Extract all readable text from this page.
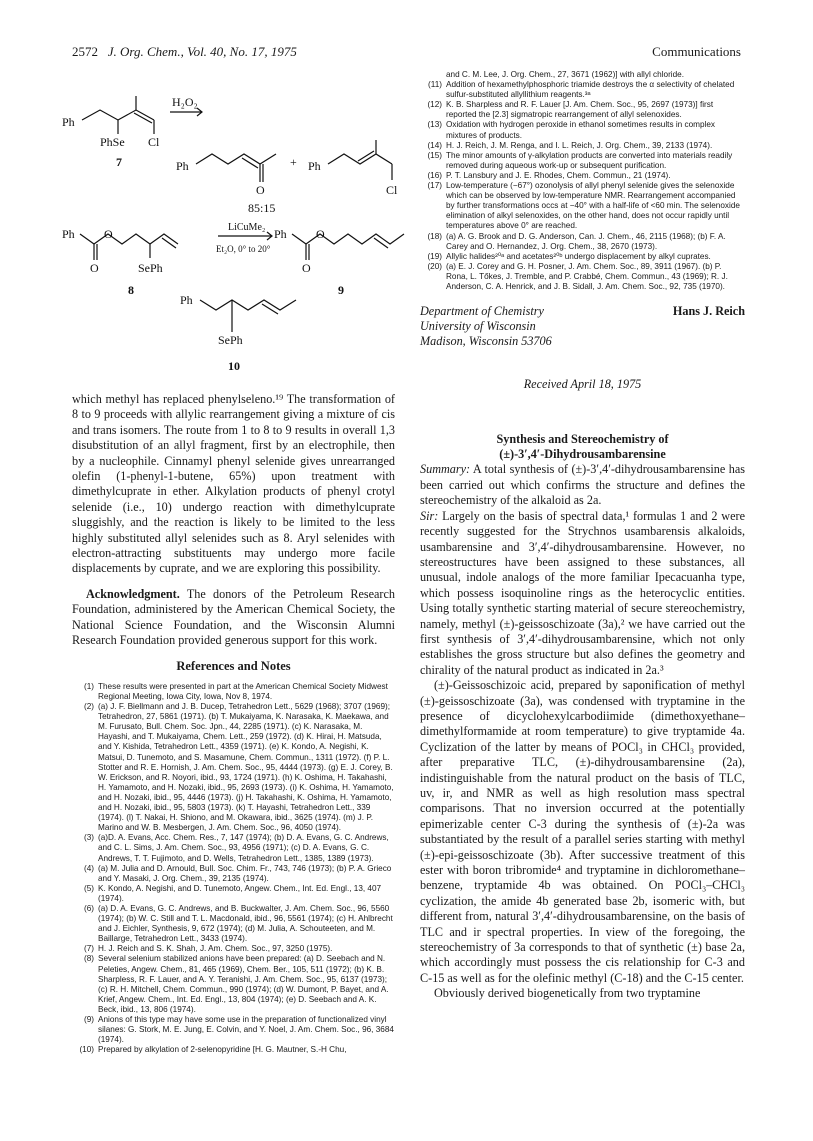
2572 J. Org. Chem., Vol. 40, No. 17, 1975	Communications
Ph
PhSe Cl
7
H₂O₂
Ph
O
+ Ph
Cl
85:15
Ph
O
O
SePh
8
LiCuMe₂
Et₂O, 0° to 20°
Ph
O
O
9
Ph
SePh
10

which methyl has replaced phenylseleno.¹⁹ The transformation of 8 to 9 proceeds with allylic rearrangement giving a mixture of cis and trans isomers. The route from 1 to 8 to 9 results in overall 1,3 disubstitution of an allyl fragment, first by an electrophile, then by a nucleophile. Cinnamyl phenyl selenide gives unrearranged olefin (1-phenyl-1-butene, 65%) upon treatment with dimethylcuprate in ether. Alkylation products of phenyl crotyl selenide (i.e., 10) undergo reaction with dimethylcuprate sluggishly, and the reaction is likely to be limited to the less highly substituted allyl selenides such as 8. Aryl selenides with electron-attracting substituents may undergo more facile displacements by cuprate, and we are exploring this possibility.

Acknowledgment. The donors of the Petroleum Research Foundation, administered by the American Chemical Society, the National Science Foundation, and the Wisconsin Alumni Research Foundation provided generous support for this work.

References and Notes
(1) These results were presented in part at the American Chemical Society Midwest Regional Meeting, Iowa City, Iowa, Nov 8, 1974.
(2) (a) J. F. Biellmann and J. B. Ducep, Tetrahedron Lett., 5629 (1968); 3707 (1969); Tetrahedron, 27, 5861 (1971). (b) T. Mukaiyama, K. Narasaka, K. Maekawa, and M. Furusato, Bull. Chem. Soc. Jpn., 44, 2285 (1971). (c) K. Narasaka, M. Hayashi, and T. Mukaiyama, Chem. Lett., 259 (1972). (d) K. Hirai, H. Matsuda, and Y. Kishida, Tetrahedron Lett., 4359 (1971). (e) K. Kondo, A. Negishi, K. Matsui, D. Tunemoto, and S. Masamune, Chem. Commun., 1311 (1972). (f) P. L. Stotter and R. E. Hornish, J. Am. Chem. Soc., 95, 4444 (1973). (g) E. J. Corey, B. W. Erickson, and R. Noyori, ibid., 93, 1724 (1971). (h) K. Oshima, H. Takahashi, H. Yamamoto, and H. Nozaki, ibid., 95, 2693 (1973). (i) K. Oshima, H. Yamamoto, and H. Nozaki, ibid., 95, 4446 (1973). (j) H. Takahashi, K. Oshima, H. Yamamoto, and H. Nozaki, ibid., 95, 5803 (1973). (k) T. Hayashi, Tetrahedron Lett., 339 (1974). (l) T. Nakai, H. Shiono, and M. Okawara, ibid., 3625 (1974). (m) J. P. Marino and W. B. Mesbergen, J. Am. Chem. Soc., 96, 4050 (1974).
(3) (a)D. A. Evans, Acc. Chem. Res., 7, 147 (1974); (b) D. A. Evans, G. C. Andrews, and C. L. Sims, J. Am. Chem. Soc., 93, 4956 (1971); (c) D. A. Evans, G. C. Andrews, T. T. Fujimoto, and D. Wells, Tetrahedron Lett., 1385, 1389 (1973).
(4) (a) M. Julia and D. Arnould, Bull. Soc. Chim. Fr., 743, 746 (1973); (b) P. A. Grieco and Y. Masaki, J. Org. Chem., 39, 2135 (1974).
(5) K. Kondo, A. Negishi, and D. Tunemoto, Angew. Chem., Int. Ed. Engl., 13, 407 (1974).
(6) (a) D. A. Evans, G. C. Andrews, and B. Buckwalter, J. Am. Chem. Soc., 96, 5560 (1974); (b) W. C. Still and T. L. Macdonald, ibid., 96, 5561 (1974); (c) H. Ahlbrecht and J. Eichler, Synthesis, 9, 672 (1974); (d) M. Julia, A. Schouteeten, and M. Baillarge, Tetrahedron Lett., 3433 (1974).
(7) H. J. Reich and S. K. Shah, J. Am. Chem. Soc., 97, 3250 (1975).
(8) Several selenium stabilized anions have been prepared: (a) D. Seebach and N. Peleties, Angew. Chem., 81, 465 (1969), Chem. Ber., 105, 511 (1972); (b) K. B. Sharpless, R. F. Lauer, and A. Y. Teranishi, J. Am. Chem. Soc., 95, 6137 (1973); (c) R. H. Mitchell, Chem. Commun., 990 (1974); (d) W. Dumont, P. Bayet, and A. Krief, Angew. Chem., Int. Ed. Engl., 13, 804 (1974); (e) D. Seebach and A. K. Beck, ibid., 13, 806 (1974).
(9) Anions of this type may have some use in the preparation of functionalized vinyl silanes: G. Stork, M. E. Jung, E. Colvin, and Y. Noel, J. Am. Chem. Soc., 96, 3684 (1974).
(10) Prepared by alkylation of 2-selenopyridine [H. G. Mautner, S.-H Chu,
and C. M. Lee, J. Org. Chem., 27, 3671 (1962)] with allyl chloride.
(11) Addition of hexamethylphosphoric triamide destroys the α selectivity of chelated sulfur-substituted allyllithium reagents.³ᵃ
(12) K. B. Sharpless and R. F. Lauer [J. Am. Chem. Soc., 95, 2697 (1973)] first reported the [2.3] sigmatropic rearrangement of allyl selenoxides.
(13) Oxidation with hydrogen peroxide in ethanol sometimes results in complex mixtures of products.
(14) H. J. Reich, J. M. Renga, and I. L. Reich, J. Org. Chem., 39, 2133 (1974).
(15) The minor amounts of γ-alkylation products are converted into materials readily removed during aqueous work-up or subsequent purification.
(16) P. T. Lansbury and J. E. Rhodes, Chem. Commun., 21 (1974).
(17) Low-temperature (−67°) ozonolysis of allyl phenyl selenide gives the selenoxide which can be observed by low-temperature NMR. Rearrangement accompanied by further transformations occs at −40° with a half-life of <60 min. The selenoxide elimination of alkyl selenoxides, on the other hand, does not occur rapidly until temperatures above 0° are reached.
(18) (a) A. G. Brook and D. G. Anderson, Can. J. Chem., 46, 2115 (1968); (b) F. A. Carey and O. Hernandez, J. Org. Chem., 38, 2670 (1973).
(19) Allylic halides²⁰ᵃ and acetates²⁰ᵇ undergo displacement by alkyl cuprates.
(20) (a) E. J. Corey and G. H. Posner, J. Am. Chem. Soc., 89, 3911 (1967). (b) P. Rona, L. Tőkes, J. Tremble, and P. Crabbé, Chem. Commun., 43 (1969); R. J. Anderson, C. A. Henrick, and J. B. Sidall, J. Am. Chem. Soc., 92, 735 (1970).
Department of Chemistry
University of Wisconsin
Madison, Wisconsin 53706
Hans J. Reich
Received April 18, 1975
Synthesis and Stereochemistry of
(±)-3′,4′-Dihydrousambarensine

Summary: A total synthesis of (±)-3′,4′-dihydrousambarensine has been carried out which confirms the structure and defines the stereochemistry of the alkaloid as 2a.

Sir: Largely on the basis of spectral data,¹ formulas 1 and 2 were recently suggested for the Strychnos usambarensis alkaloids, usambarensine and 3′,4′-dihydrousambarensine. However, no stereostructures have been assigned to these substances, all unusual, indole analogs of the more familiar Ipecacuanha type, which possess isoquinoline rings as the heterocyclic entities. Using totally synthetic starting material of secure stereochemistry, namely, methyl (±)-geissoschizoate (3a),² we have carried out the first synthesis of 3′,4′-dihydrousambarensine, which not only establishes the gross structure but also defines the geometry and chirality of the natural product as indicated in 2a.³

(±)-Geissoschizoic acid, prepared by saponification of methyl (±)-geissoschizoate (3a), was condensed with tryptamine in the presence of dicyclohexylcarbodiimide (dimethoxyethane–dimethylformamide at room temperature) to give tryptamide 4a. Cyclization of the latter by means of POCl₃ in CHCl₃ provided, after preparative TLC, (±)-dihydrousambarensine (2a), indistinguishable from the natural product on the basis of TLC, uv, ir, and NMR as well as high resolution mass spectral comparisons. That no inversion occurred at the potentially epimerizable center C-3 during the synthesis of (±)-2a was substantiated by the result of a parallel series starting with methyl (±)-epi-geissoschizoate (3b). After successive treatment of this ester with boron tribromide⁴ and tryptamine in dichloromethane–benzene, tryptamide 4b was obtained. On POCl₃–CHCl₃ cyclization, the amide 4b generated base 2b, isomeric with, but different from, natural 3′,4′-dihydrousambarensine, on the basis of TLC and ir spectral properties. In view of the foregoing, the stereochemistry of 3a corresponds to that of synthetic (±) base 2a, which accordingly must possess the cis relationship for C-3 and C-15 as well as for the olefinic methyl (C-18) and the C-15 center.

Obviously derived biogenetically from two tryptamine
